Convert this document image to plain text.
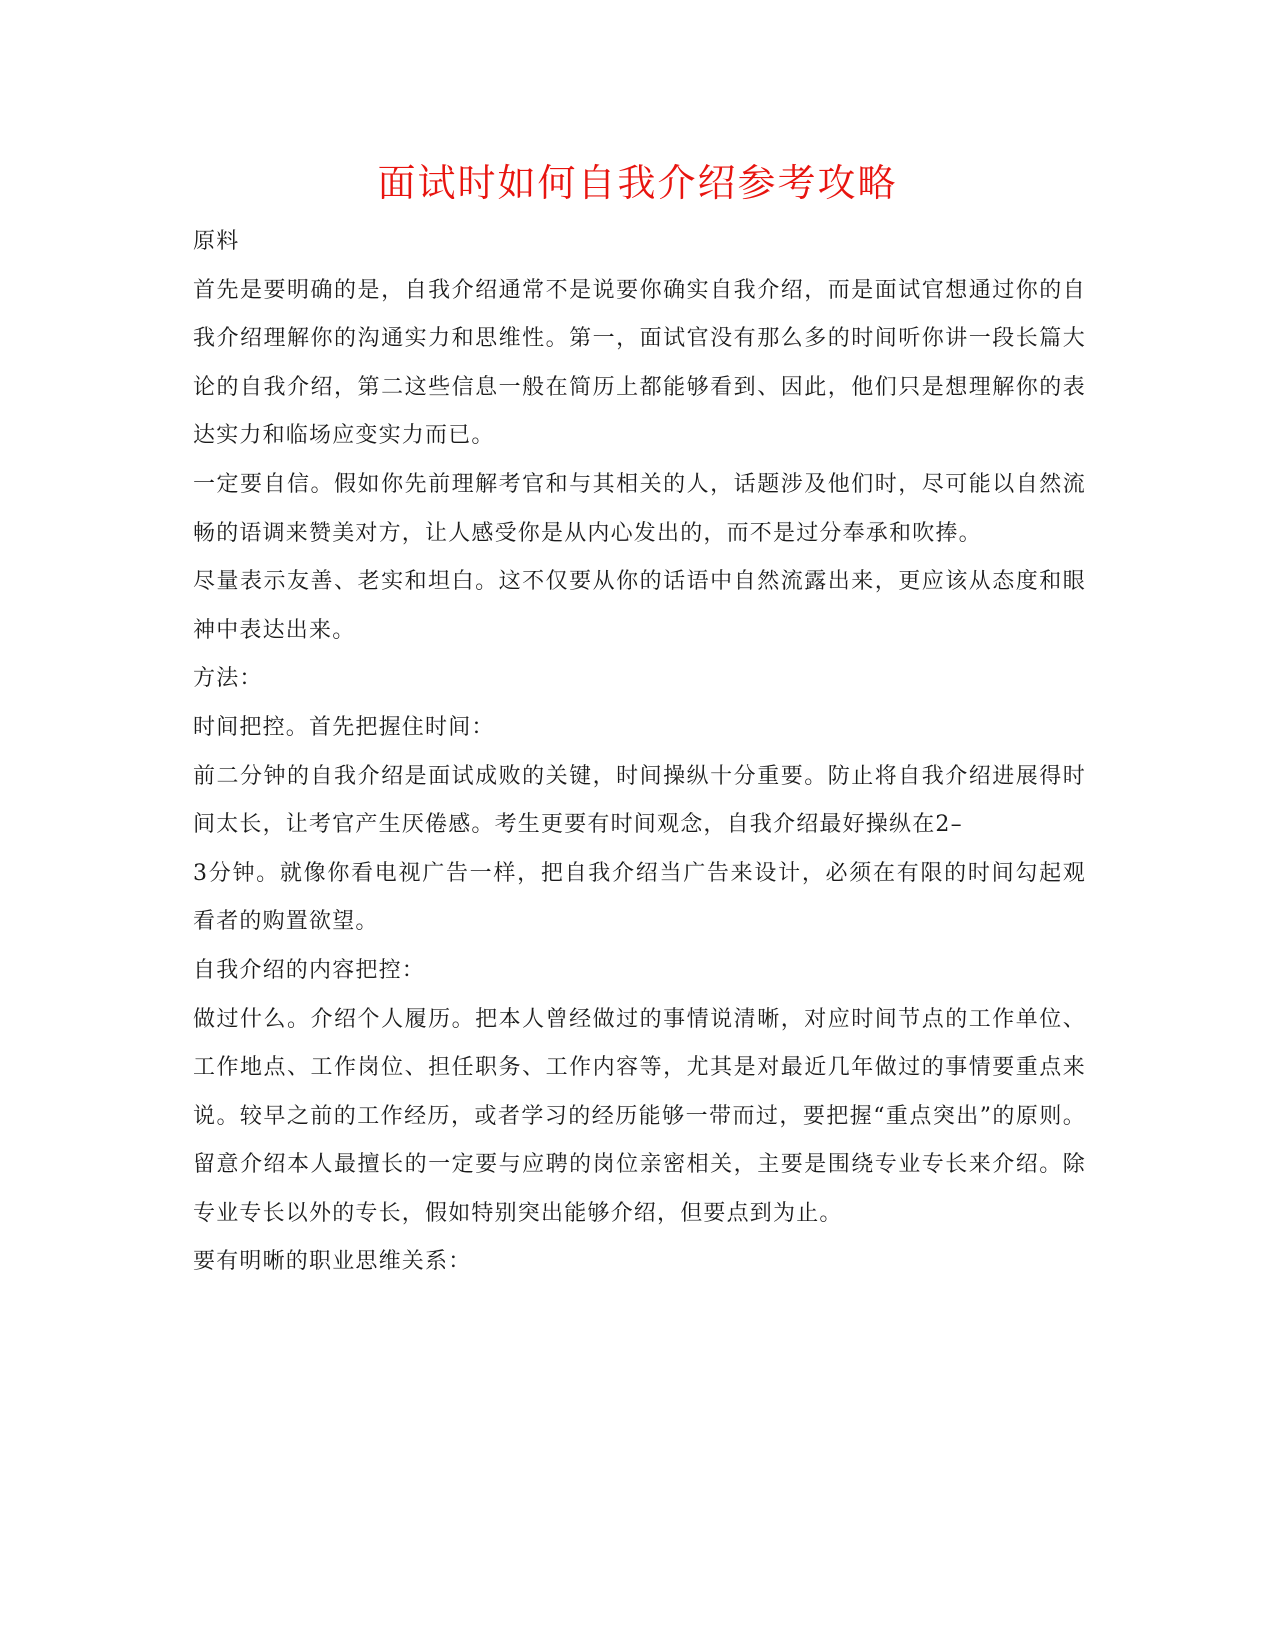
面试时如何自我介绍参考攻略

原料

首先是要明确的是，自我介绍通常不是说要你确实自我介绍，而是面试官想通过你的自我介绍理解你的沟通实力和思维性。第一，面试官没有那么多的时间听你讲一段长篇大论的自我介绍，第二这些信息一般在简历上都能够看到、因此，他们只是想理解你的表达实力和临场应变实力而已。

一定要自信。假如你先前理解考官和与其相关的人，话题涉及他们时，尽可能以自然流畅的语调来赞美对方，让人感受你是从内心发出的，而不是过分奉承和吹捧。

尽量表示友善、老实和坦白。这不仅要从你的话语中自然流露出来，更应该从态度和眼神中表达出来。

方法：

时间把控。首先把握住时间：

前二分钟的自我介绍是面试成败的关键，时间操纵十分重要。防止将自我介绍进展得时间太长，让考官产生厌倦感。考生更要有时间观念，自我介绍最好操纵在2–

3分钟。就像你看电视广告一样，把自我介绍当广告来设计，必须在有限的时间勾起观看者的购置欲望。

自我介绍的内容把控：

做过什么。介绍个人履历。把本人曾经做过的事情说清晰，对应时间节点的工作单位、工作地点、工作岗位、担任职务、工作内容等，尤其是对最近几年做过的事情要重点来说。较早之前的工作经历，或者学习的经历能够一带而过，要把握“重点突出”的原则。留意介绍本人最擅长的一定要与应聘的岗位亲密相关，主要是围绕专业专长来介绍。除专业专长以外的专长，假如特别突出能够介绍，但要点到为止。

要有明晰的职业思维关系：
